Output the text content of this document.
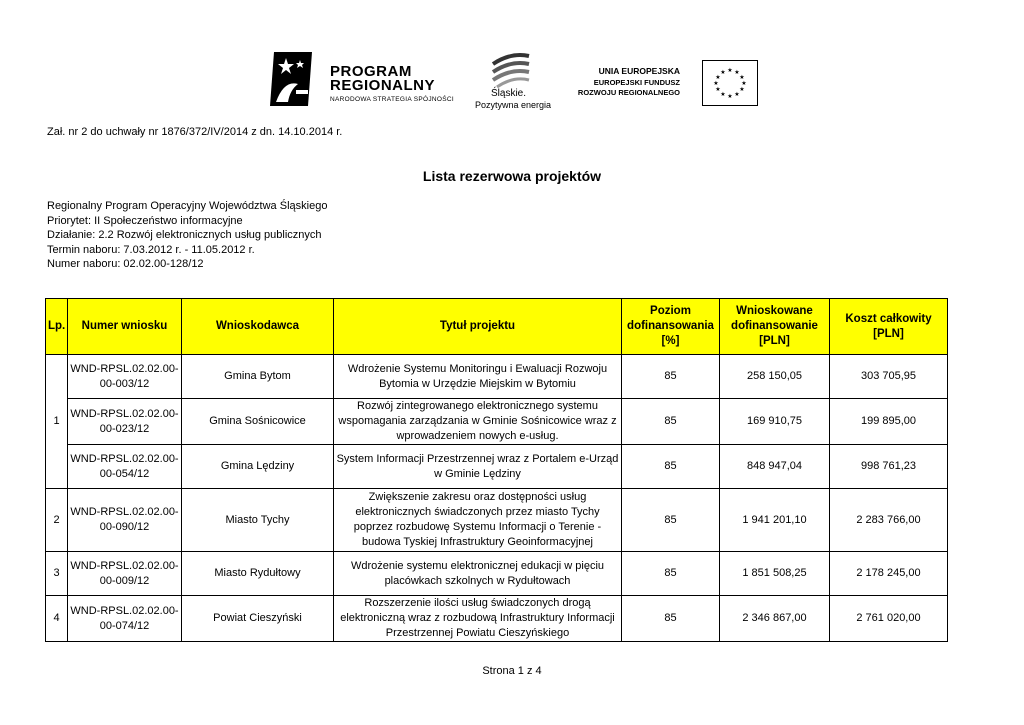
PROGRAM
REGIONALNY
NARODOWA STRATEGIA SPÓJNOŚCI
Śląskie.
Pozytywna energia
UNIA EUROPEJSKA
EUROPEJSKI FUNDUSZ
ROZWOJU REGIONALNEGO
★ ★
★
★
★
★
★
★
★
★
★
★
Zał. nr 2 do uchwały nr 1876/372/IV/2014 z dn. 14.10.2014 r.
Lista rezerwowa projektów
Regionalny Program Operacyjny Województwa Śląskiego
Priorytet: II Społeczeństwo informacyjne
Działanie: 2.2 Rozwój elektronicznych usług publicznych
Termin naboru: 7.03.2012 r. - 11.05.2012 r.
Numer naboru: 02.02.00-128/12
Lp.	Numer wniosku	Wnioskodawca	Tytuł projektu	Poziom dofinansowania [%]	Wnioskowane dofinansowanie [PLN]	Koszt całkowity [PLN]
1	WND-RPSL.02.02.00-00-003/12	Gmina Bytom	Wdrożenie Systemu Monitoringu i Ewaluacji Rozwoju Bytomia w Urzędzie Miejskim w Bytomiu	85	258 150,05	303 705,95
	WND-RPSL.02.02.00-00-023/12	Gmina Sośnicowice	Rozwój zintegrowanego elektronicznego systemu wspomagania zarządzania w Gminie Sośnicowice wraz z wprowadzeniem nowych e-usług.	85	169 910,75	199 895,00
	WND-RPSL.02.02.00-00-054/12	Gmina Lędziny	System Informacji Przestrzennej wraz z Portalem e-Urząd w Gminie Lędziny	85	848 947,04	998 761,23
2	WND-RPSL.02.02.00-00-090/12	Miasto Tychy	Zwiększenie zakresu oraz dostępności usług elektronicznych świadczonych przez miasto Tychy poprzez rozbudowę Systemu Informacji o Terenie - budowa Tyskiej Infrastruktury Geoinformacyjnej	85	1 941 201,10	2 283 766,00
3	WND-RPSL.02.02.00-00-009/12	Miasto Rydułtowy	Wdrożenie systemu elektronicznej edukacji w pięciu placówkach szkolnych w Rydułtowach	85	1 851 508,25	2 178 245,00
4	WND-RPSL.02.02.00-00-074/12	Powiat Cieszyński	Rozszerzenie ilości usług świadczonych drogą elektroniczną wraz z rozbudową Infrastruktury Informacji Przestrzennej Powiatu Cieszyńskiego	85	2 346 867,00	2 761 020,00
Strona 1 z 4
